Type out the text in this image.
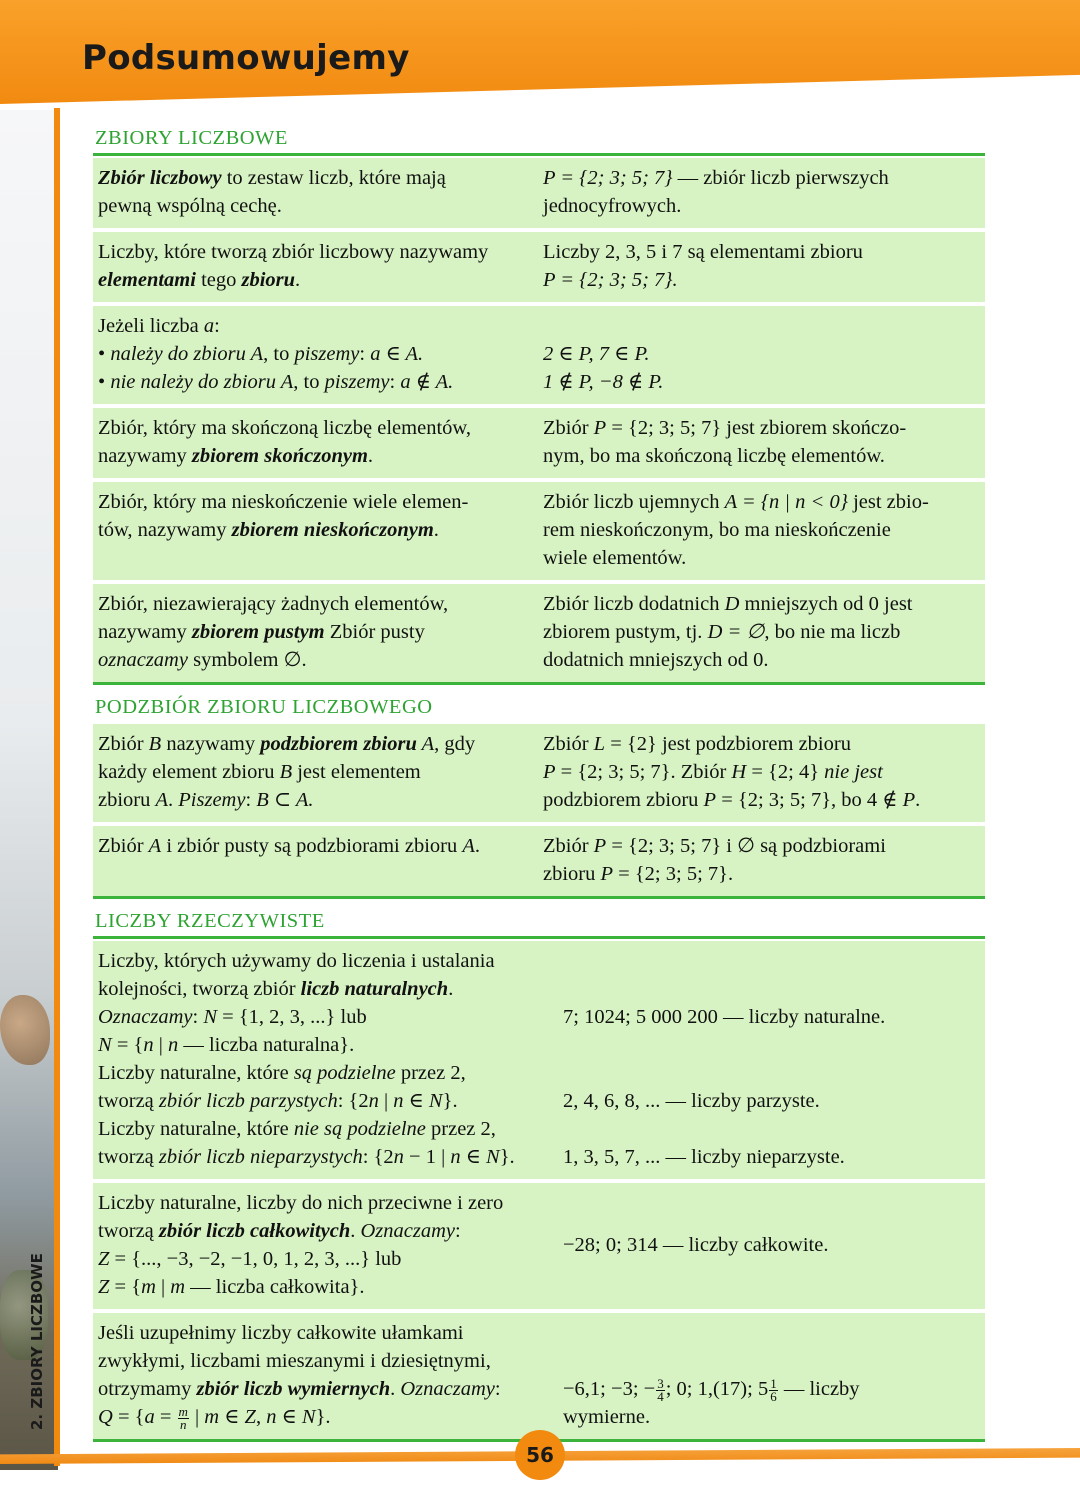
Podsumowujemy
2. ZBIORY LICZBOWE
ZBIORY LICZBOWE
Zbiór liczbowy to zestaw liczb, które mają
pewną wspólną cechę.
P = {2; 3; 5; 7} — zbiór liczb pierwszych
jednocyfrowych.
Liczby, które tworzą zbiór liczbowy nazywamy
elementami tego zbioru.
Liczby 2, 3, 5 i 7 są elementami zbioru
P = {2; 3; 5; 7}.
Jeżeli liczba a:
• należy do zbioru A, to piszemy: a ∈ A.
• nie należy do zbioru A, to piszemy: a ∉ A.

2 ∈ P, 7 ∈ P.
1 ∉ P, −8 ∉ P.
Zbiór, który ma skończoną liczbę elementów,
nazywamy zbiorem skończonym.
Zbiór P = {2; 3; 5; 7} jest zbiorem skończo-
nym, bo ma skończoną liczbę elementów.
Zbiór, który ma nieskończenie wiele elemen-
tów, nazywamy zbiorem nieskończonym.
Zbiór liczb ujemnych A = {n | n < 0} jest zbio-
rem nieskończonym, bo ma nieskończenie
wiele elementów.
Zbiór, niezawierający żadnych elementów,
nazywamy zbiorem pustym Zbiór pusty
oznaczamy symbolem ∅.
Zbiór liczb dodatnich D mniejszych od 0 jest
zbiorem pustym, tj. D = ∅, bo nie ma liczb
dodatnich mniejszych od 0.
PODZBIÓR ZBIORU LICZBOWEGO
Zbiór B nazywamy podzbiorem zbioru A, gdy
każdy element zbioru B jest elementem
zbioru A. Piszemy: B ⊂ A.
Zbiór L = {2} jest podzbiorem zbioru
P = {2; 3; 5; 7}. Zbiór H = {2; 4} nie jest
podzbiorem zbioru P = {2; 3; 5; 7}, bo 4 ∉ P.
Zbiór A i zbiór pusty są podzbiorami zbioru A.	Zbiór P = {2; 3; 5; 7} i ∅ są podzbiorami
zbioru P = {2; 3; 5; 7}.
LICZBY RZECZYWISTE
Liczby, których używamy do liczenia i ustalania
kolejności, tworzą zbiór liczb naturalnych.
Oznaczamy: N = {1, 2, 3, ...} lub
N = {n | n — liczba naturalna}.
Liczby naturalne, które są podzielne przez 2,
tworzą zbiór liczb parzystych: {2n | n ∈ N}.
Liczby naturalne, które nie są podzielne przez 2,
tworzą zbiór liczb nieparzystych: {2n − 1 | n ∈ N}.

7; 1024; 5 000 200 — liczby naturalne.

2, 4, 6, 8, ... — liczby parzyste.

1, 3, 5, 7, ... — liczby nieparzyste.
Liczby naturalne, liczby do nich przeciwne i zero
tworzą zbiór liczb całkowitych. Oznaczamy:
Z = {..., −3, −2, −1, 0, 1, 2, 3, ...} lub
Z = {m | m — liczba całkowita}.
−28; 0; 314 — liczby całkowite.
Jeśli uzupełnimy liczby całkowite ułamkami
zwykłymi, liczbami mieszanymi i dziesiętnymi,
otrzymamy zbiór liczb wymiernych. Oznaczamy:
$Q = \{a = \frac{m}{n}$ | m ∈ Z, n ∈ N}.

−6,1; −3; − $\frac{3}{4}$ ; 0; 1,(17); $5 \frac{1}{6}$ — liczby
wymierne.
56
